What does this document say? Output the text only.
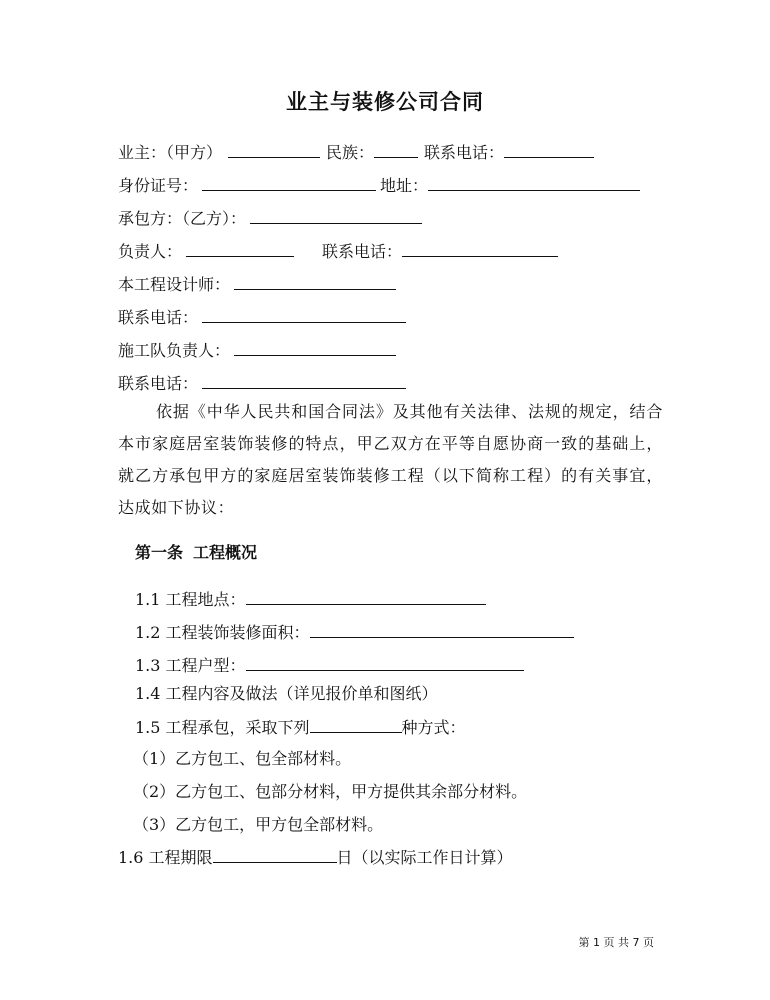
业主与装修公司合同
业主：（甲方）	民族：	联系电话：
身份证号：	地址：
承包方：（乙方）：
负责人：	联系电话：
本工程设计师：
联系电话：
施工队负责人：
联系电话：
依据《中华人民共和国合同法》及其他有关法律、法规的规定，结合本市家庭居室装饰装修的特点，甲乙双方在平等自愿协商一致的基础上，就乙方承包甲方的家庭居室装饰装修工程（以下简称工程）的有关事宜，达成如下协议：
第一条 工程概况
1.1 工程地点：
1.2 工程装饰装修面积：
1.3 工程户型：
1.4 工程内容及做法（详见报价单和图纸）
1.5 工程承包，采取下列	种方式：
（1）乙方包工、包全部材料。
（2）乙方包工、包部分材料，甲方提供其余部分材料。
（3）乙方包工，甲方包全部材料。
1.6 工程期限	日（以实际工作日计算）
第 1 页 共 7 页
